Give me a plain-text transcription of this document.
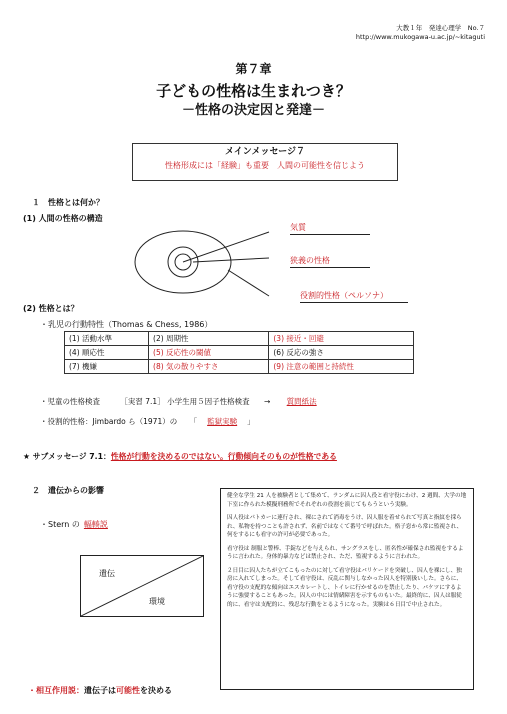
大教１年　発達心理学　No.７
http://www.mukogawa-u.ac.jp/~kitaguti
第７章
子どもの性格は生まれつき？
－性格の決定因と発達－
メインメッセージ７
性格形成には「経験」も重要　人間の可能性を信じよう
１　性格とは何か？
(1) 人間の性格の構造
気質
狭義の性格
役割的性格（ペルソナ）
(2) 性格とは？
・乳児の行動特性（Thomas & Chess, 1986）
(1) 活動水準	(2) 周期性	(3) 接近・回避
(4) 順応性	(5) 反応性の閾値	(6) 反応の強さ
(7) 機嫌	(8) 気の散りやすさ	(9) 注意の範囲と持続性
・児童の性格検査	［実習 7.1］ 小学生用５因子性格検査 → 質問紙法
・役割的性格：Jimbardo ら（1971）の 「 監獄実験 」
★ サブメッセージ 7.1：性格が行動を決めるのではない。行動傾向そのものが性格である
２　遺伝からの影響
・Stern の 輻輳説
遺伝
環境
・相互作用説：遺伝子は可能性を決める

健全な学生 21 人を被験者として集めて、ランダムに囚人役と看守役にわけ、2 週間、大学の地下室に作られた模擬刑務所でそれぞれの役割を演じてもらうという実験。

囚人役はパトカーに連行され、裸にされて消毒をうけ、囚人服を着せられて写真と指紋を採られ、私物を持つことも許されず、名前ではなくて番号で呼ばれた。格子窓から常に監視され、何をするにも看守の許可が必要であった。

看守役は 制服と警棒、手錠などを与えられ、サングラスをし、匿名性が確保され監視をするように言われた。身体的暴力などは禁止され、ただ、監視するように言われた。

２日目に囚人たちが立てこもったのに対して看守役はバリケードを突破し、囚人を裸にし、独房に入れてしまった。そして看守役は、反乱に関与しなかった囚人を特別扱いした。さらに、看守役の支配的な傾向はエスカレートし、トイレに行かせるのを禁止したり、バケツにするように強要することもあった。囚人の中には情緒障害を示すものもいた。最終的に、囚人は服従的に、看守は支配的に、残忍な行動をとるようになった。実験は６日目で中止された。
